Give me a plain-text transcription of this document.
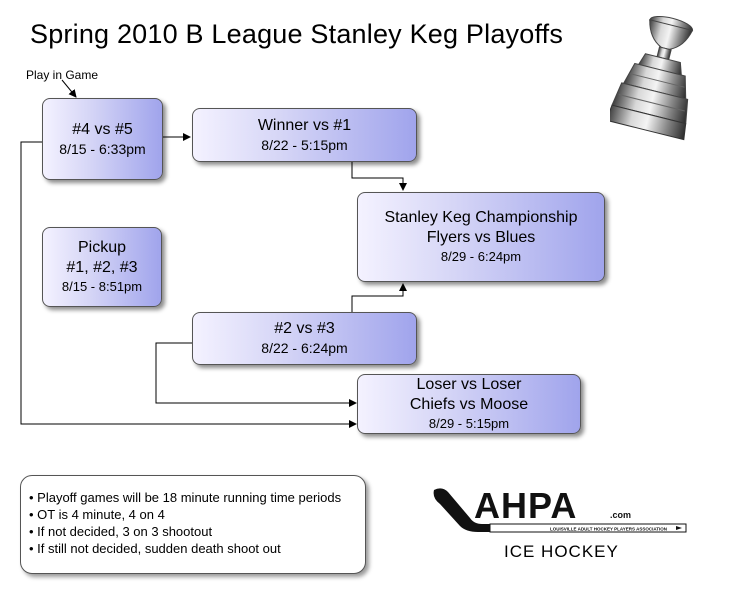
Spring 2010 B League Stanley Keg Playoffs
Play in Game
#4 vs #5
8/15 - 6:33pm
Winner vs #1
8/22 - 5:15pm
Stanley Keg Championship
Flyers vs Blues
8/29 - 6:24pm
Pickup
#1, #2, #3
8/15 - 8:51pm
#2 vs #3
8/22 - 6:24pm
Loser vs Loser
Chiefs vs Moose
8/29 - 5:15pm
• Playoff games will be 18 minute running time periods
• OT is 4 minute, 4 on 4
• If not decided, 3 on 3 shootout
• If still not decided, sudden death shoot out
LOUISVILLE ADULT HOCKEY PLAYERS ASSOCIATION
AHPA	.com
ICE HOCKEY
